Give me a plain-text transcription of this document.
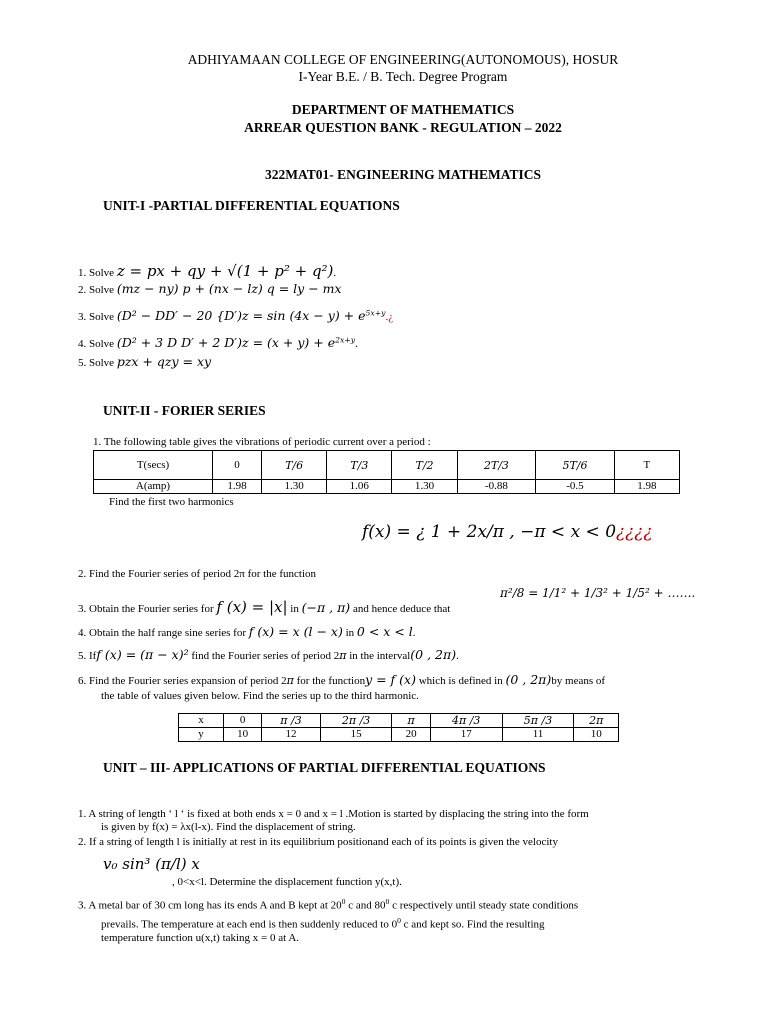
ADHIYAMAAN COLLEGE OF ENGINEERING(AUTONOMOUS), HOSUR
I-Year B.E. / B. Tech. Degree Program
DEPARTMENT OF MATHEMATICS
ARREAR QUESTION BANK - REGULATION – 2022
322MAT01- ENGINEERING MATHEMATICS
UNIT-I -PARTIAL DIFFERENTIAL EQUATIONS
1. Solve z = px + qy + √(1 + p² + q²).
2. Solve (mz − ny) p + (nx − lz) q = ly − mx
3. Solve (D² − DD′ − 20 $\{D')z = \sin (4x - y) + e^{5x+y}.¿$
4. Solve (D² + 3 D D′ + 2 $D')z = (x + y) + e^{2x+y}$.
5. Solve pzx + qzy = xy
UNIT-II - FORIER SERIES
1. The following table gives the vibrations of periodic current over a period :
T(secs)	0	T/6	T/3	T/2	2T/3	5T/6	T
A(amp)	1.98	1.30	1.06	1.30	-0.88	-0.5	1.98
Find the first two harmonics
f(x) = ¿ 1 + 2x/π , −π < x < 0¿¿¿¿
2. Find the Fourier series of period 2π for the function
3. Obtain the Fourier series for f (x) = |x| in (−π , π) and hence deduce that
π²/8 = 1/1² + 1/3² + 1/5² + …….
4. Obtain the half range sine series for f (x) = x (l − x) in 0 < x < l.
5. Iff (x) = (π − x)² find the Fourier series of period 2π in the interval(0 , 2π).
6. Find the Fourier series expansion of period 2π for the functiony = f (x) which is defined in (0 , 2π)by means of
the table of values given below. Find the series up to the third harmonic.
x	0	π /3	2π /3	π	4π /3	5π /3	2π
y	10	12	15	20	17	11	10
UNIT – III- APPLICATIONS OF PARTIAL DIFFERENTIAL EQUATIONS
1. A string of length ‘ l ‘ is fixed at both ends x = 0 and x = l .Motion is started by displacing the string into the form
is given by f(x) = λx(l-x). Find the displacement of string.
2. If a string of length l is initially at rest in its equilibrium positionand each of its points is given the velocity
v₀ sin³ (π/l) x
, 0<x<l. Determine the displacement function y(x,t).
3. A metal bar of 30 cm long has its ends A and B kept at $20^0$ c and $80^0$ c respectively until steady state conditions
prevails. The temperature at each end is then suddenly reduced to $0^0$ c and kept so. Find the resulting
temperature function u(x,t) taking x = 0 at A.
